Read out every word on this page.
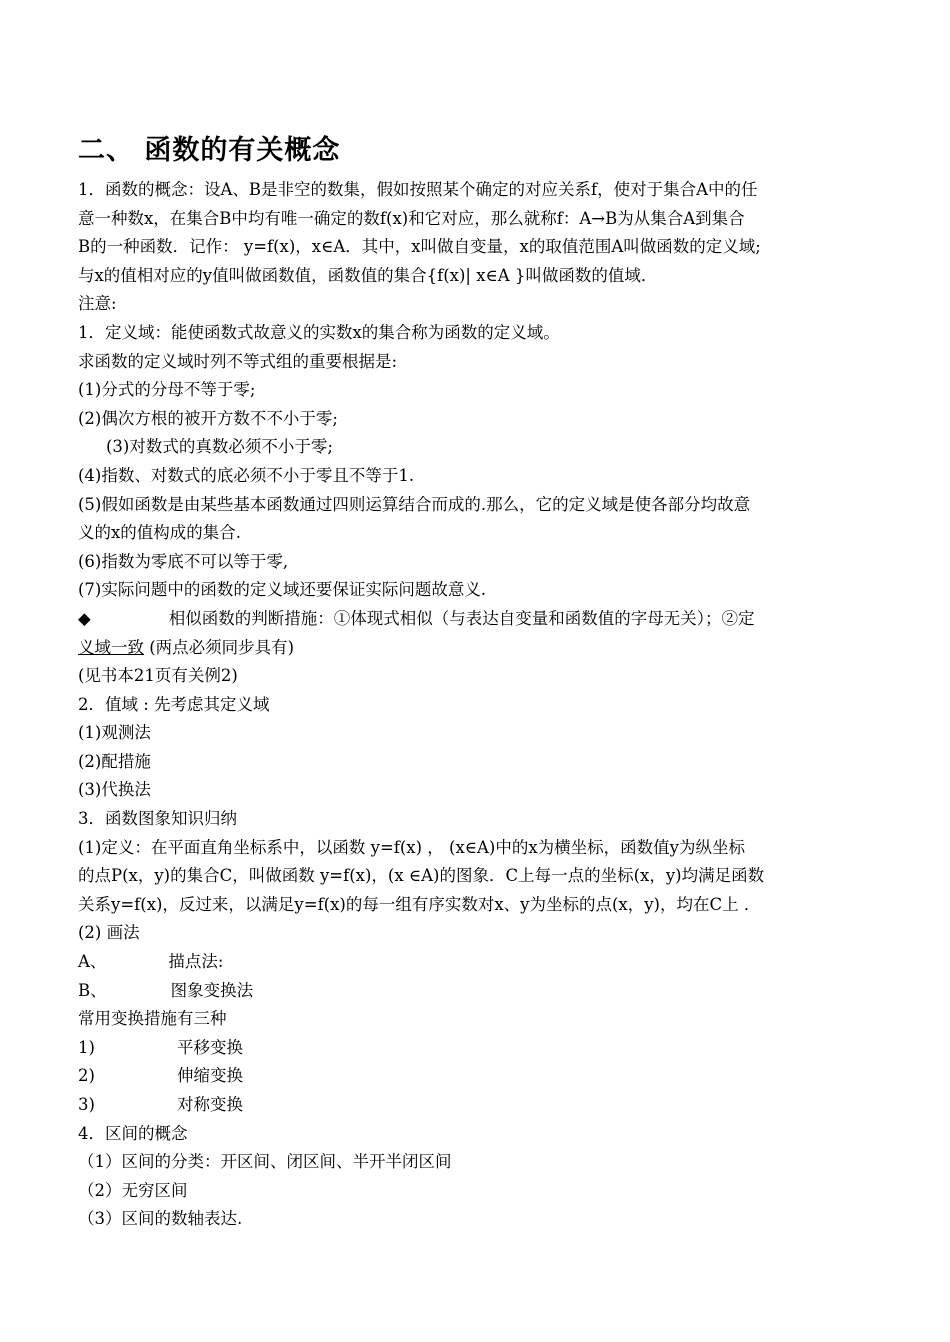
二、 函数的有关概念
1．函数的概念：设A、B是非空的数集，假如按照某个确定的对应关系f，使对于集合A中的任
意一种数x，在集合B中均有唯一确定的数f(x)和它对应，那么就称f：A→B为从集合A到集合
B的一种函数．记作： y=f(x)，x∈A．其中，x叫做自变量，x的取值范围A叫做函数的定义域;
与x的值相对应的y值叫做函数值，函数值的集合{f(x)| x∈A }叫做函数的值域．
注意:
1．定义域：能使函数式故意义的实数x的集合称为函数的定义域。
求函数的定义域时列不等式组的重要根据是:
(1)分式的分母不等于零;
(2)偶次方根的被开方数不不小于零;
(3)对数式的真数必须不小于零;
(4)指数、对数式的底必须不小于零且不等于1.
(5)假如函数是由某些基本函数通过四则运算结合而成的.那么，它的定义域是使各部分均故意
义的x的值构成的集合.
(6)指数为零底不可以等于零,
(7)实际问题中的函数的定义域还要保证实际问题故意义.
◆	相似函数的判断措施：①体现式相似（与表达自变量和函数值的字母无关）；②定
义域一致 (两点必须同步具有)
(见书本21页有关例2)
2．值域 : 先考虑其定义域
(1)观测法
(2)配措施
(3)代换法
3．函数图象知识归纳
(1)定义：在平面直角坐标系中，以函数 y=f(x) ， (x∈A)中的x为横坐标，函数值y为纵坐标
的点P(x，y)的集合C，叫做函数 y=f(x)，(x ∈A)的图象．C上每一点的坐标(x，y)均满足函数
关系y=f(x)，反过来，以满足y=f(x)的每一组有序实数对x、y为坐标的点(x，y)，均在C上 ．
(2) 画法
A、	描点法:
B、	图象变换法
常用变换措施有三种
1)	平移变换
2)	伸缩变换
3)	对称变换
4．区间的概念
（1）区间的分类：开区间、闭区间、半开半闭区间
（2）无穷区间
（3）区间的数轴表达.
